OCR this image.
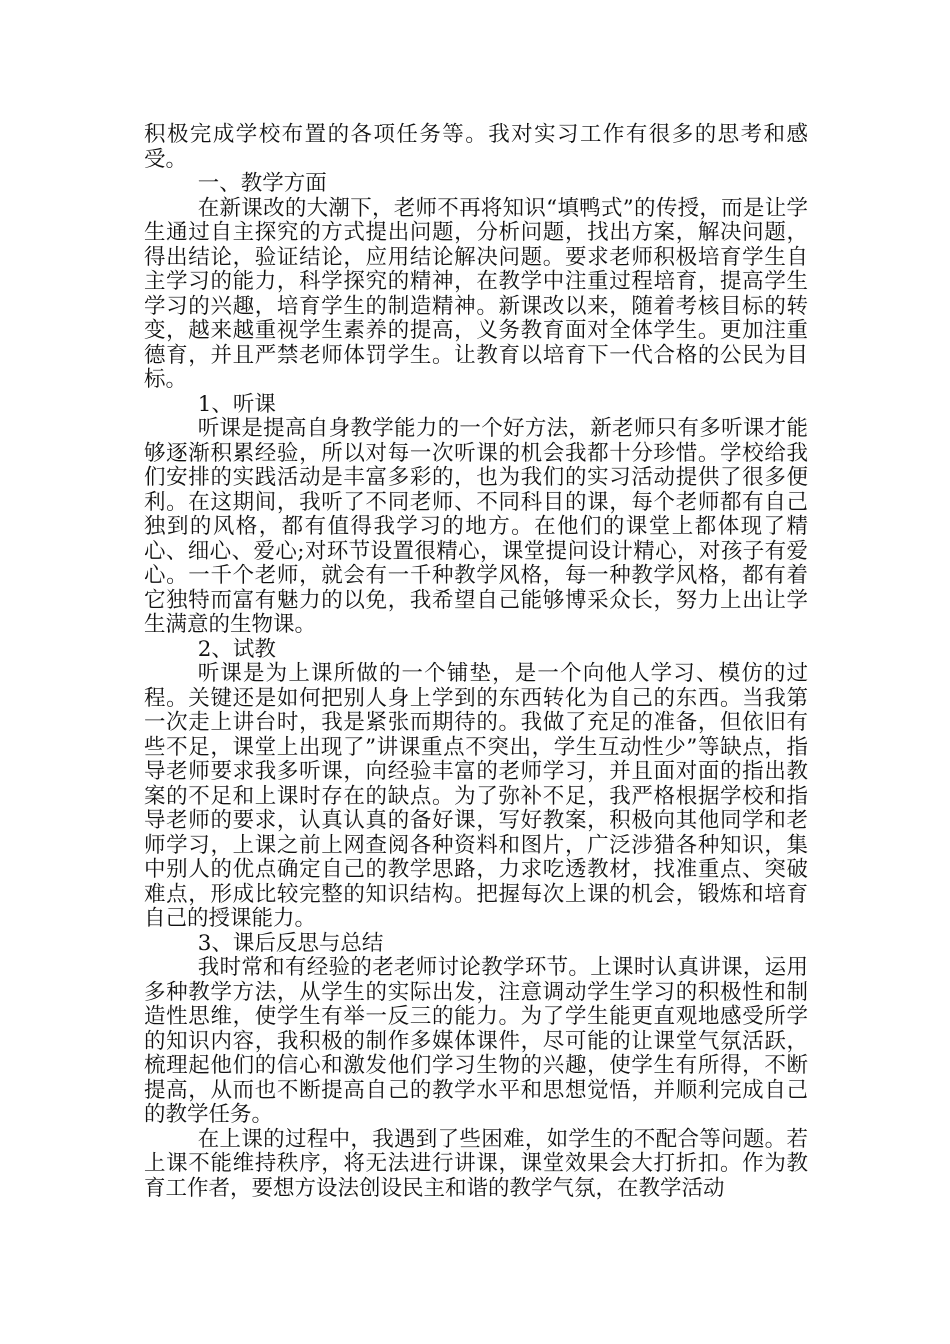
积极完成学校布置的各项任务等。我对实习工作有很多的思考和感受。

一、教学方面

在新课改的大潮下，老师不再将知识“填鸭式”的传授，而是让学生通过自主探究的方式提出问题，分析问题，找出方案，解决问题，得出结论，验证结论，应用结论解决问题。要求老师积极培育学生自主学习的能力，科学探究的精神，在教学中注重过程培育，提高学生学习的兴趣，培育学生的制造精神。新课改以来，随着考核目标的转变，越来越重视学生素养的提高，义务教育面对全体学生。更加注重德育，并且严禁老师体罚学生。让教育以培育下一代合格的公民为目标。

1、听课

听课是提高自身教学能力的一个好方法，新老师只有多听课才能够逐渐积累经验，所以对每一次听课的机会我都十分珍惜。学校给我们安排的实践活动是丰富多彩的，也为我们的实习活动提供了很多便利。在这期间，我听了不同老师、不同科目的课，每个老师都有自己独到的风格，都有值得我学习的地方。在他们的课堂上都体现了精心、细心、爱心;对环节设置很精心，课堂提问设计精心，对孩子有爱心。一千个老师，就会有一千种教学风格，每一种教学风格，都有着它独特而富有魅力的以免，我希望自己能够博采众长，努力上出让学生满意的生物课。

2、试教

听课是为上课所做的一个铺垫，是一个向他人学习、模仿的过程。关键还是如何把别人身上学到的东西转化为自己的东西。当我第一次走上讲台时，我是紧张而期待的。我做了充足的准备，但依旧有些不足，课堂上出现了”讲课重点不突出，学生互动性少”等缺点，指导老师要求我多听课，向经验丰富的老师学习，并且面对面的指出教案的不足和上课时存在的缺点。为了弥补不足，我严格根据学校和指导老师的要求，认真认真的备好课，写好教案，积极向其他同学和老师学习，上课之前上网查阅各种资料和图片，广泛涉猎各种知识，集中别人的优点确定自己的教学思路，力求吃透教材，找准重点、突破难点，形成比较完整的知识结构。把握每次上课的机会，锻炼和培育自己的授课能力。

3、课后反思与总结

我时常和有经验的老老师讨论教学环节。上课时认真讲课，运用多种教学方法，从学生的实际出发，注意调动学生学习的积极性和制造性思维，使学生有举一反三的能力。为了学生能更直观地感受所学的知识内容，我积极的制作多媒体课件，尽可能的让课堂气氛活跃，梳理起他们的信心和激发他们学习生物的兴趣，使学生有所得，不断提高，从而也不断提高自己的教学水平和思想觉悟，并顺利完成自己的教学任务。

在上课的过程中，我遇到了些困难，如学生的不配合等问题。若上课不能维持秩序，将无法进行讲课，课堂效果会大打折扣。作为教育工作者，要想方设法创设民主和谐的教学气氛，在教学活动
